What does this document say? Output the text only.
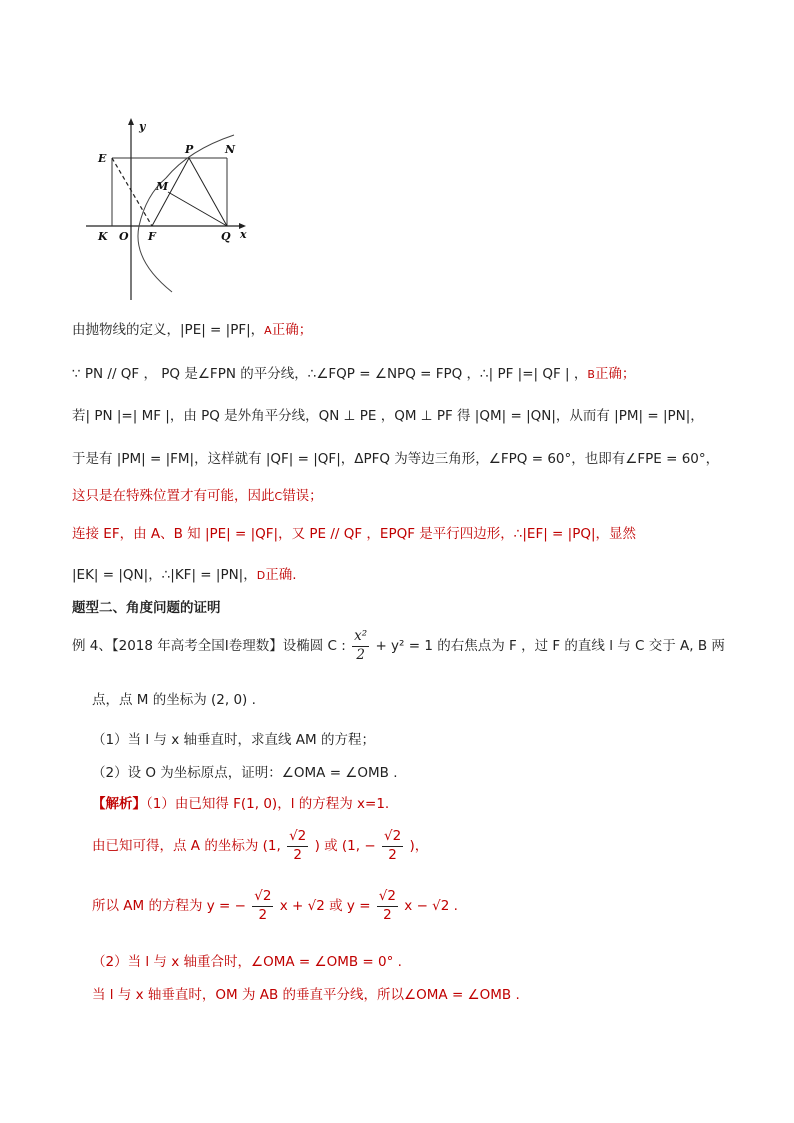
y
x
E
P	N
M
K O F	Q
由抛物线的定义，|PE| = |PF|，A正确；
∵ PN // QF ， PQ 是∠FPN 的平分线，∴∠FQP = ∠NPQ = FPQ ，∴| PF |=| QF | ，B正确；
若| PN |=| MF |，由 PQ 是外角平分线，QN ⊥ PE ，QM ⊥ PF 得 |QM| = |QN|，从而有 |PM| = |PN|，
于是有 |PM| = |FM|，这样就有 |QF| = |QF|，ΔPFQ 为等边三角形，∠FPQ = 60°，也即有∠FPE = 60°，
这只是在特殊位置才有可能，因此C错误；
连接 EF，由 A、B 知 |PE| = |QF|，又 PE // QF ，EPQF 是平行四边形，∴|EF| = |PQ|，显然
|EK| = |QN|，∴|KF| = |PN|，D正确.
题型二、角度问题的证明
例 4、【2018 年高考全国Ⅰ卷理数】设椭圆 C : $\frac{\text{x²}}{2} + y^2 = 1$ 的右焦点为 F ，过 F 的直线 l 与 C 交于 A, B 两
点，点 M 的坐标为 (2, 0) .
（1）当 l 与 x 轴垂直时，求直线 AM 的方程；
（2）设 O 为坐标原点，证明：∠OMA = ∠OMB .
【解析】（1）由已知得 F(1, 0)，l 的方程为 x=1.
由已知可得，点 A 的坐标为 (1, $\frac{√2}{2}$ ) 或 (1, − $\frac{√2}{2}$ )，
所以 AM 的方程为 y = − $\frac{√2}{2}$ x + √2 或 $y = \frac{√2}{2}$ x − √2 .
（2）当 l 与 x 轴重合时，∠OMA = ∠OMB = 0° .
当 l 与 x 轴垂直时，OM 为 AB 的垂直平分线，所以∠OMA = ∠OMB .
